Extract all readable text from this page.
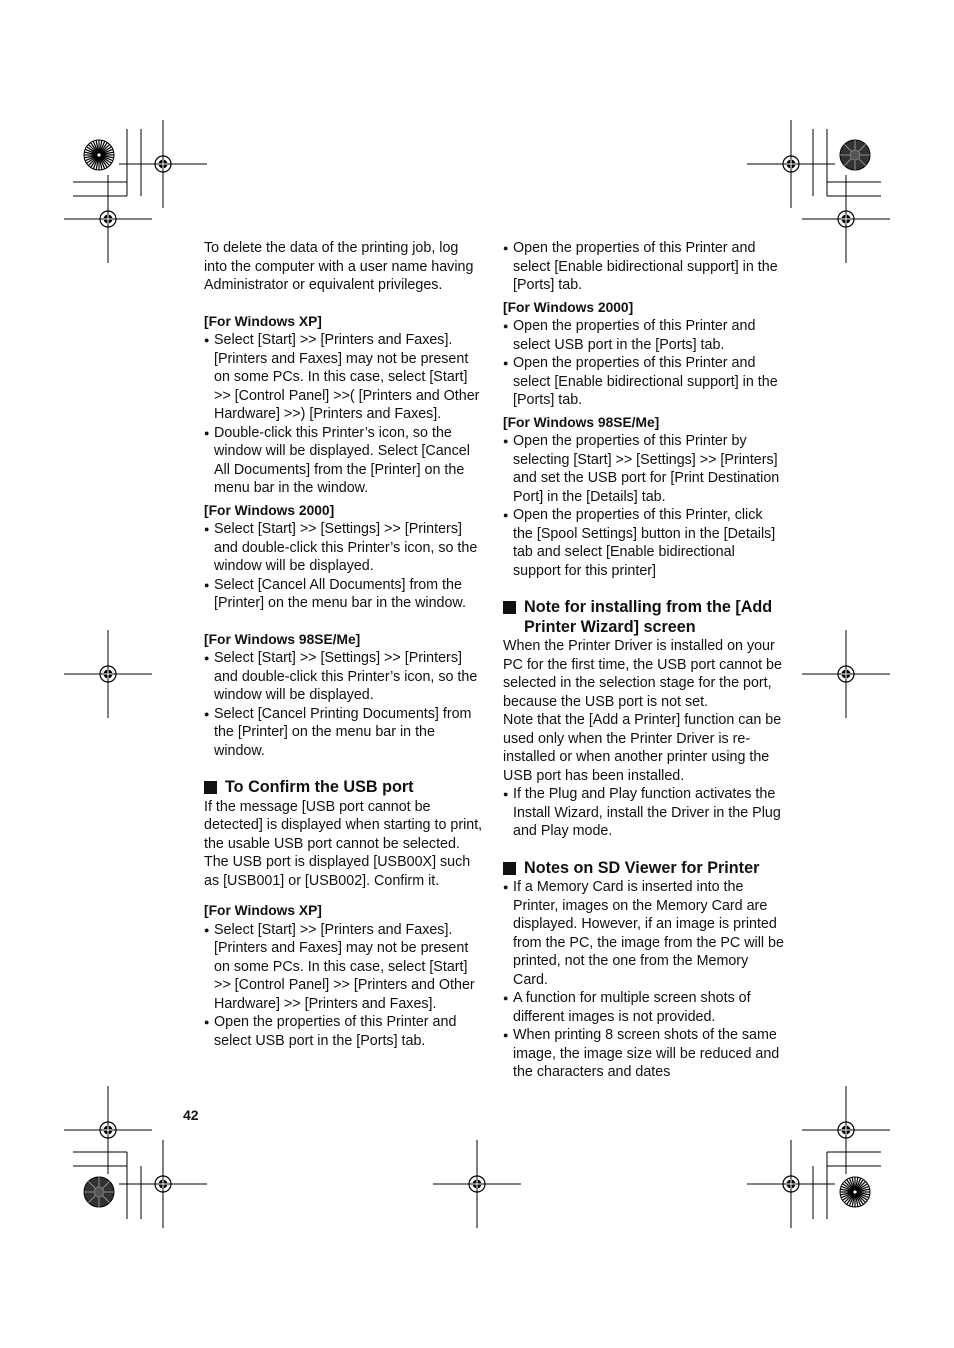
To delete the data of the printing job, log into the computer with a user name having Administrator or equivalent privileges.

[For Windows XP]

● Select [Start] >> [Printers and Faxes]. [Printers and Faxes] may not be present on some PCs. In this case, select [Start] >> [Control Panel] >>( [Printers and Other Hardware] >>) [Printers and Faxes].
● Double-click this Printer’s icon, so the window will be displayed. Select [Cancel All Documents] from the [Printer] on the menu bar in the window.

[For Windows 2000]

● Select [Start] >> [Settings] >> [Printers] and double-click this Printer’s icon, so the window will be displayed.
● Select [Cancel All Documents] from the [Printer] on the menu bar in the window.

[For Windows 98SE/Me]

● Select [Start] >> [Settings] >> [Printers] and double-click this Printer’s icon, so the window will be displayed.
● Select [Cancel Printing Documents] from the [Printer] on the menu bar in the window.
To Confirm the USB port

If the message [USB port cannot be detected] is displayed when starting to print, the usable USB port cannot be selected. The USB port is displayed [USB00X] such as [USB001] or [USB002]. Confirm it.

[For Windows XP]

● Select [Start] >> [Printers and Faxes]. [Printers and Faxes] may not be present on some PCs. In this case, select [Start] >> [Control Panel] >> [Printers and Other Hardware] >> [Printers and Faxes].
● Open the properties of this Printer and select USB port in the [Ports] tab.
● Open the properties of this Printer and select [Enable bidirectional support] in the [Ports] tab.

[For Windows 2000]

● Open the properties of this Printer and select USB port in the [Ports] tab.
● Open the properties of this Printer and select [Enable bidirectional support] in the [Ports] tab.

[For Windows 98SE/Me]

● Open the properties of this Printer by selecting [Start] >> [Settings] >> [Printers] and set the USB port for [Print Destination Port] in the [Details] tab.
● Open the properties of this Printer, click the [Spool Settings] button in the [Details] tab and select [Enable bidirectional support for this printer]
Note for installing from the [Add Printer Wizard] screen

When the Printer Driver is installed on your PC for the first time, the USB port cannot be selected in the selection stage for the port, because the USB port is not set.

Note that the [Add a Printer] function can be used only when the Printer Driver is re-installed or when another printer using the USB port has been installed.

● If the Plug and Play function activates the Install Wizard, install the Driver in the Plug and Play mode.
Notes on SD Viewer for Printer
● If a Memory Card is inserted into the Printer, images on the Memory Card are displayed. However, if an image is printed from the PC, the image from the PC will be printed, not the one from the Memory Card.
● A function for multiple screen shots of different images is not provided.
● When printing 8 screen shots of the same image, the image size will be reduced and the characters and dates
42
